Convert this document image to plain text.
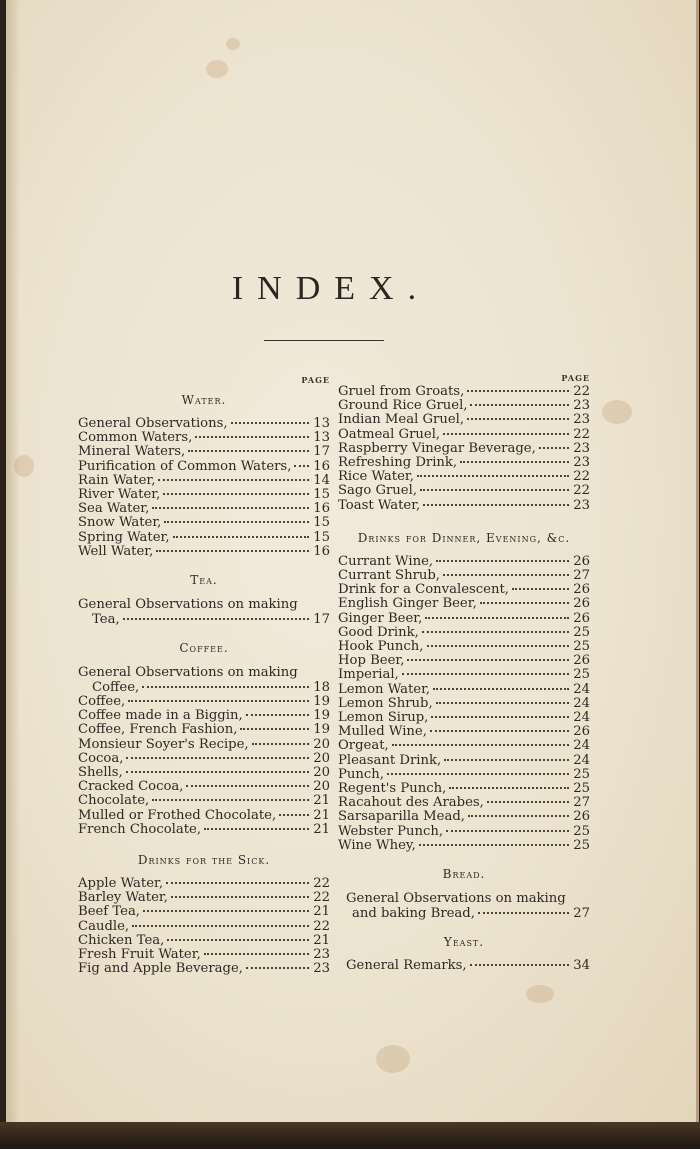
INDEX.
PAGE
Water.
General Observations,	13
Common Waters,	13
Mineral Waters,	17
Purification of Common Waters, 16
Rain Water,	14
River Water,	15
Sea Water,	16
Snow Water,	15
Spring Water,	15
Well Water,	16
Tea.
General Observations on making
Tea,	17
Coffee.
General Observations on making
Coffee,	18
Coffee,	19
Coffee made in a Biggin,	19
Coffee, French Fashion,	19
Monsieur Soyer's Recipe,	20
Cocoa,	20
Shells,	20
Cracked Cocoa,	20
Chocolate,	21
Mulled or Frothed Chocolate,	21
French Chocolate,	21
Drinks for the Sick.
Apple Water,	22
Barley Water,	22
Beef Tea,	21
Caudle,	22
Chicken Tea,	21
Fresh Fruit Water,	23
Fig and Apple Beverage,	23
PAGE
Gruel from Groats,	22
Ground Rice Gruel,	23
Indian Meal Gruel,	23
Oatmeal Gruel,	22
Raspberry Vinegar Beverage,	23
Refreshing Drink,	23
Rice Water,	22
Sago Gruel,	22
Toast Water,	23
Drinks for Dinner, Evening, &c.
Currant Wine,	26
Currant Shrub,	27
Drink for a Convalescent,	26
English Ginger Beer,	26
Ginger Beer,	26
Good Drink,	25
Hook Punch,	25
Hop Beer,	26
Imperial,	25
Lemon Water,	24
Lemon Shrub,	24
Lemon Sirup,	24
Mulled Wine,	26
Orgeat,	24
Pleasant Drink,	24
Punch,	25
Regent's Punch,	25
Racahout des Arabes,	27
Sarsaparilla Mead,	26
Webster Punch,	25
Wine Whey,	25
Bread.
General Observations on making
and baking Bread,	27
Yeast.
General Remarks,	34
